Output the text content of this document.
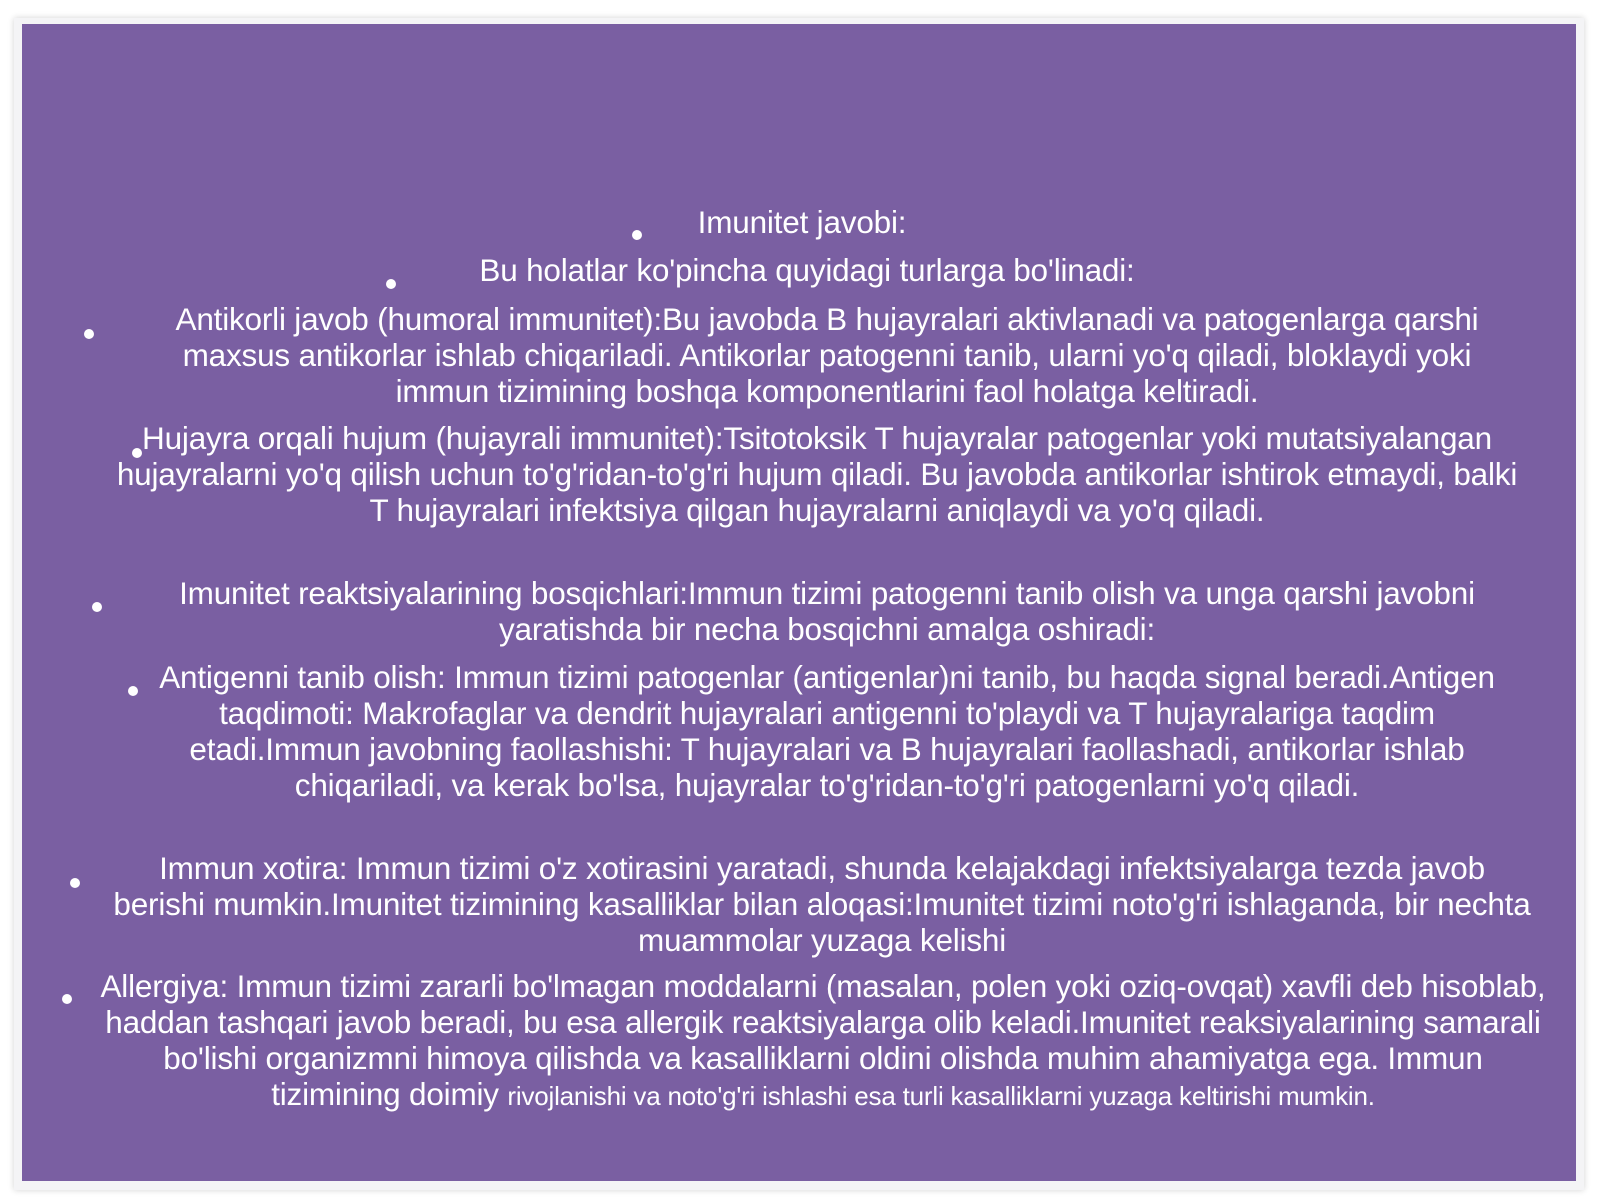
Imunitet javobi:

Bu holatlar ko'pincha quyidagi turlarga bo'linadi:

Antikorli javob (humoral immunitet):Bu javobda B hujayralari aktivlanadi va patogenlarga qarshi maxsus antikorlar ishlab chiqariladi. Antikorlar patogenni tanib, ularni yo'q qiladi, bloklaydi yoki immun tizimining boshqa komponentlarini faol holatga keltiradi.

Hujayra orqali hujum (hujayrali immunitet):Tsitotoksik T hujayralar patogenlar yoki mutatsiyalangan hujayralarni yo'q qilish uchun to'g'ridan-to'g'ri hujum qiladi. Bu javobda antikorlar ishtirok etmaydi, balki T hujayralari infektsiya qilgan hujayralarni aniqlaydi va yo'q qiladi.

Imunitet reaktsiyalarining bosqichlari:Immun tizimi patogenni tanib olish va unga qarshi javobni yaratishda bir necha bosqichni amalga oshiradi:

Antigenni tanib olish: Immun tizimi patogenlar (antigenlar)ni tanib, bu haqda signal beradi.Antigen taqdimoti: Makrofaglar va dendrit hujayralari antigenni to'playdi va T hujayralariga taqdim etadi.Immun javobning faollashishi: T hujayralari va B hujayralari faollashadi, antikorlar ishlab chiqariladi, va kerak bo'lsa, hujayralar to'g'ridan-to'g'ri patogenlarni yo'q qiladi.

Immun xotira: Immun tizimi o'z xotirasini yaratadi, shunda kelajakdagi infektsiyalarga tezda javob berishi mumkin.Imunitet tizimining kasalliklar bilan aloqasi:Imunitet tizimi noto'g'ri ishlaganda, bir nechta muammolar yuzaga kelishi

Allergiya: Immun tizimi zararli bo'lmagan moddalarni (masalan, polen yoki oziq-ovqat) xavfli deb hisoblab, haddan tashqari javob beradi, bu esa allergik reaktsiyalarga olib keladi.Imunitet reaksiyalarining samarali bo'lishi organizmni himoya qilishda va kasalliklarni oldini olishda muhim ahamiyatga ega. Immun tizimining doimiy rivojlanishi va noto'g'ri ishlashi esa turli kasalliklarni yuzaga keltirishi mumkin.
